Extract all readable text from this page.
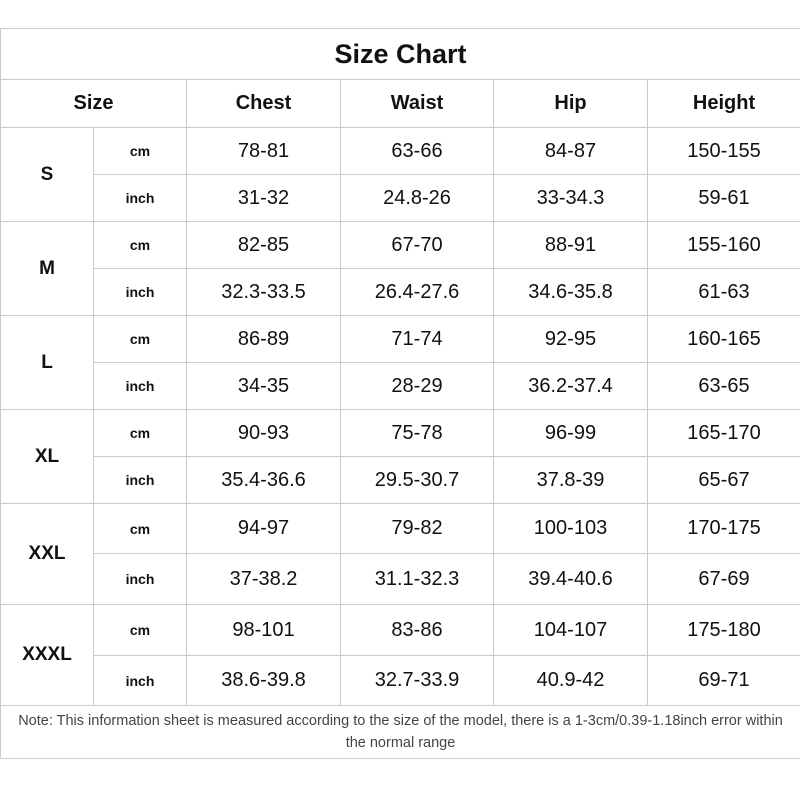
Size Chart					
Size		Chest	Waist	Hip	Height
S	cm	78-81	63-66	84-87	150-155
	inch	31-32	24.8-26	33-34.3	59-61
M	cm	82-85	67-70	88-91	155-160
	inch	32.3-33.5	26.4-27.6	34.6-35.8	61-63
L	cm	86-89	71-74	92-95	160-165
	inch	34-35	28-29	36.2-37.4	63-65
XL	cm	90-93	75-78	96-99	165-170
	inch	35.4-36.6	29.5-30.7	37.8-39	65-67
XXL	cm	94-97	79-82	100-103	170-175
	inch	37-38.2	31.1-32.3	39.4-40.6	67-69
XXXL	cm	98-101	83-86	104-107	175-180
	inch	38.6-39.8	32.7-33.9	40.9-42	69-71
Note: This information sheet is measured according to the size of the model, there is a 1-3cm/0.39-1.18inch error within the normal range					
